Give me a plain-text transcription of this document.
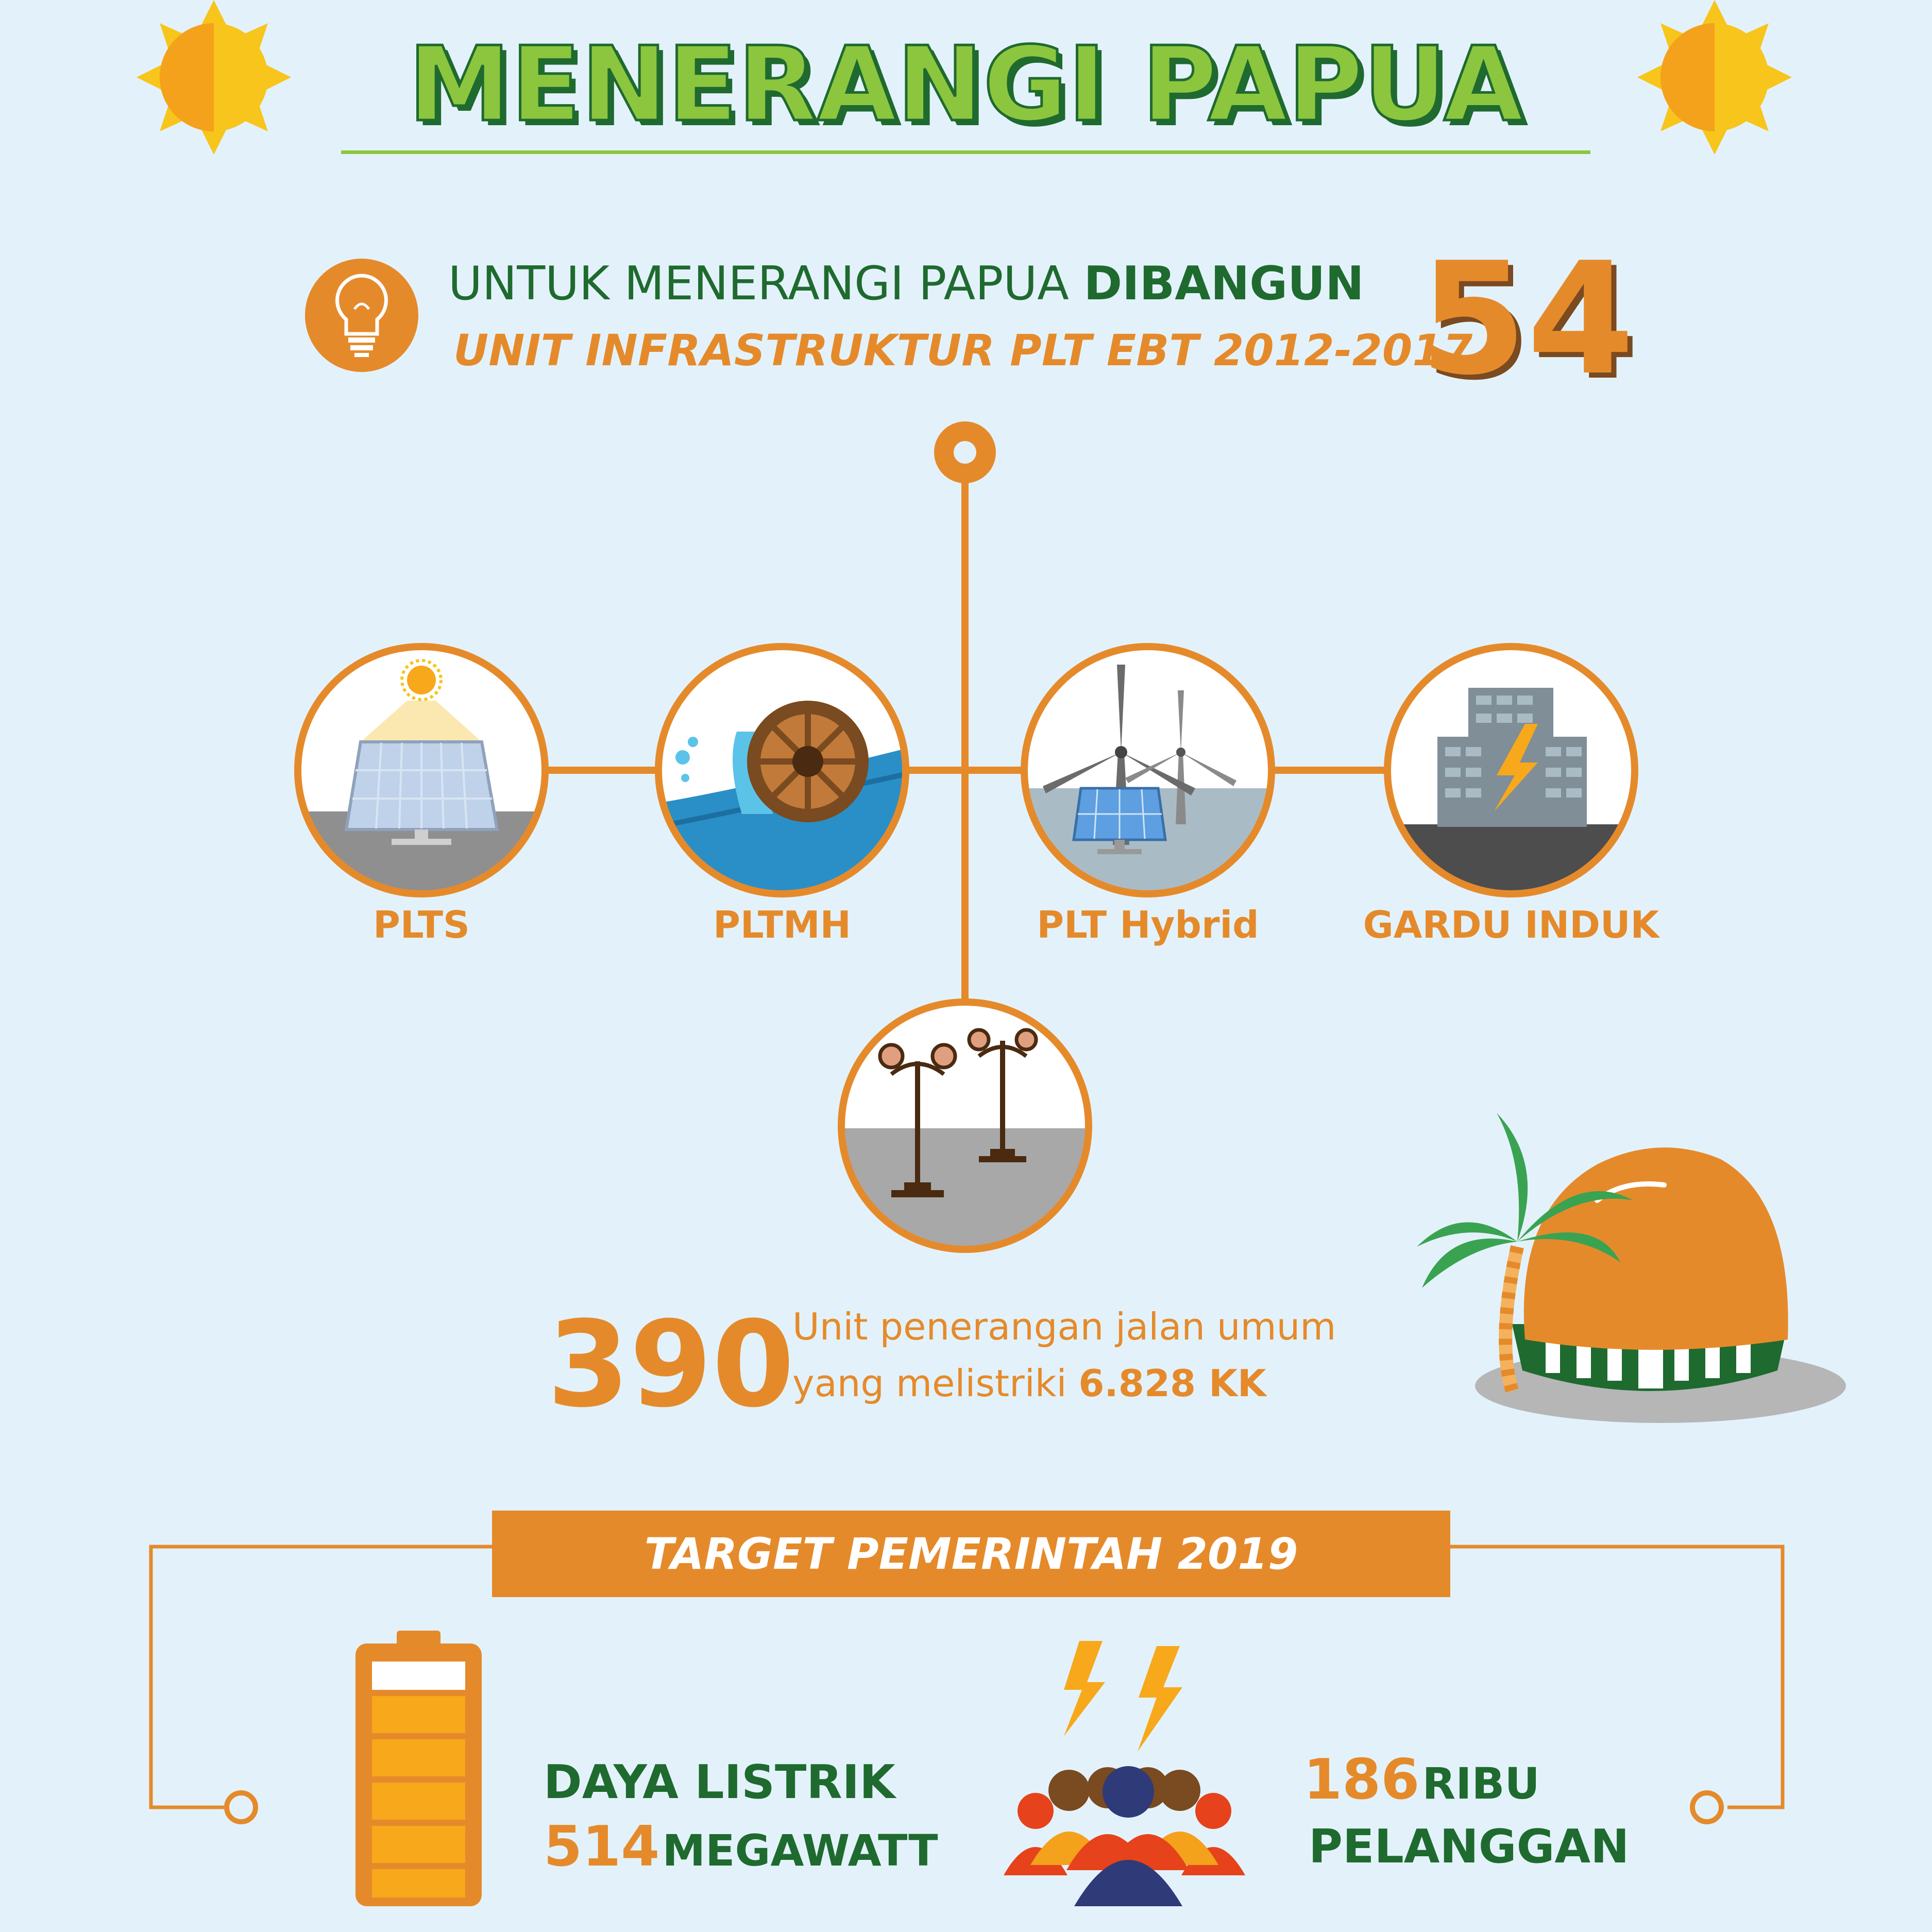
MENERANGI PAPUA
UNTUK MENERANGI PAPUA DIBANGUN
UNIT INFRASTRUKTUR PLT EBT 2012-2017
54
PLTS	PLTMH	PLT Hybrid	GARDU INDUK
390
Unit penerangan jalan umum
yang melistriki 6.828 KK
TARGET PEMERINTAH 2019
DAYA LISTRIK
514 MEGAWATT
186 RIBU
PELANGGAN
